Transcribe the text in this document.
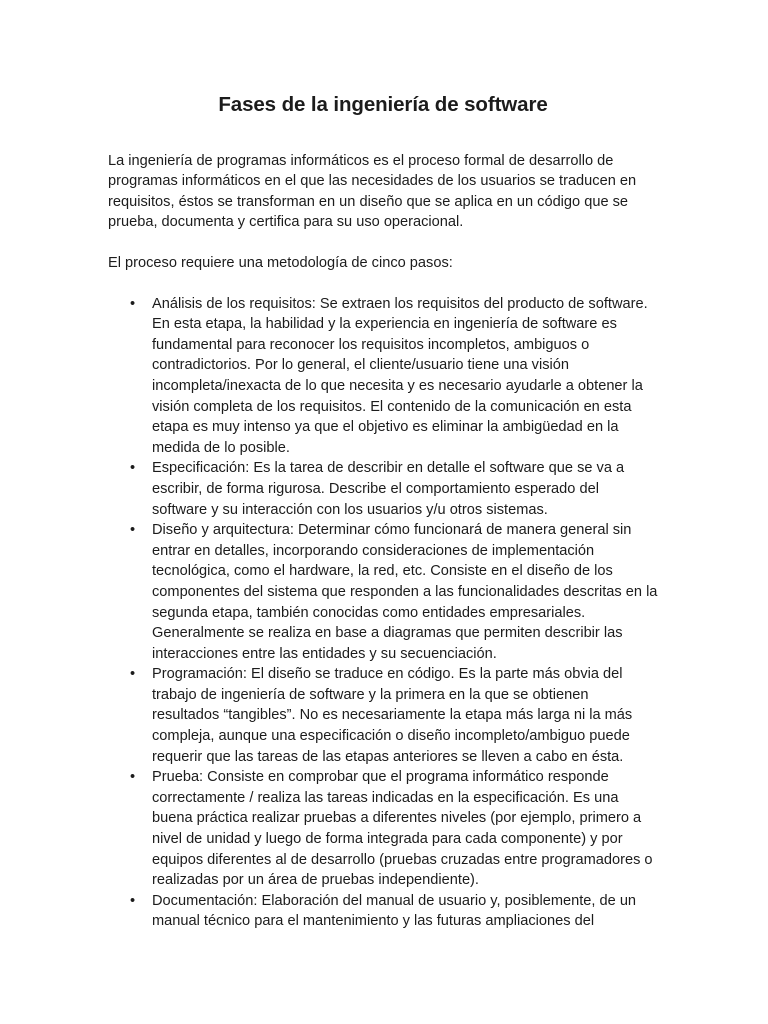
Fases de la ingeniería de software

La ingeniería de programas informáticos es el proceso formal de desarrollo de programas informáticos en el que las necesidades de los usuarios se traducen en requisitos, éstos se transforman en un diseño que se aplica en un código que se prueba, documenta y certifica para su uso operacional.

El proceso requiere una metodología de cinco pasos:

• Análisis de los requisitos: Se extraen los requisitos del producto de software. En esta etapa, la habilidad y la experiencia en ingeniería de software es fundamental para reconocer los requisitos incompletos, ambiguos o contradictorios. Por lo general, el cliente/usuario tiene una visión incompleta/inexacta de lo que necesita y es necesario ayudarle a obtener la visión completa de los requisitos. El contenido de la comunicación en esta etapa es muy intenso ya que el objetivo es eliminar la ambigüedad en la medida de lo posible.
• Especificación: Es la tarea de describir en detalle el software que se va a escribir, de forma rigurosa. Describe el comportamiento esperado del software y su interacción con los usuarios y/u otros sistemas.
• Diseño y arquitectura: Determinar cómo funcionará de manera general sin entrar en detalles, incorporando consideraciones de implementación tecnológica, como el hardware, la red, etc. Consiste en el diseño de los componentes del sistema que responden a las funcionalidades descritas en la segunda etapa, también conocidas como entidades empresariales. Generalmente se realiza en base a diagramas que permiten describir las interacciones entre las entidades y su secuenciación.
• Programación: El diseño se traduce en código. Es la parte más obvia del trabajo de ingeniería de software y la primera en la que se obtienen resultados “tangibles”. No es necesariamente la etapa más larga ni la más compleja, aunque una especificación o diseño incompleto/ambiguo puede requerir que las tareas de las etapas anteriores se lleven a cabo en ésta.
• Prueba: Consiste en comprobar que el programa informático responde correctamente / realiza las tareas indicadas en la especificación. Es una buena práctica realizar pruebas a diferentes niveles (por ejemplo, primero a nivel de unidad y luego de forma integrada para cada componente) y por equipos diferentes al de desarrollo (pruebas cruzadas entre programadores o realizadas por un área de pruebas independiente).
• Documentación: Elaboración del manual de usuario y, posiblemente, de un manual técnico para el mantenimiento y las futuras ampliaciones del
